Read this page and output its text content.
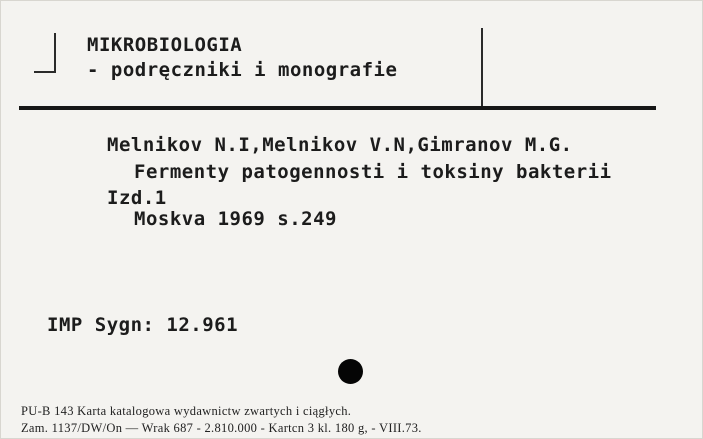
MIKROBIOLOGIA
- podręczniki i monografie
Melnikov N.I,Melnikov V.N,Gimranov M.G.
Fermenty patogennosti i toksiny bakterii
Izd.1
Moskva 1969 s.249
IMP Sygn: 12.961
PU-B 143 Karta katalogowa wydawnictw zwartych i ciągłych.
Zam. 1137/DW/On — Wrak 687 - 2.810.000 - Kartcn 3 kl. 180 g, - VIII.73.
